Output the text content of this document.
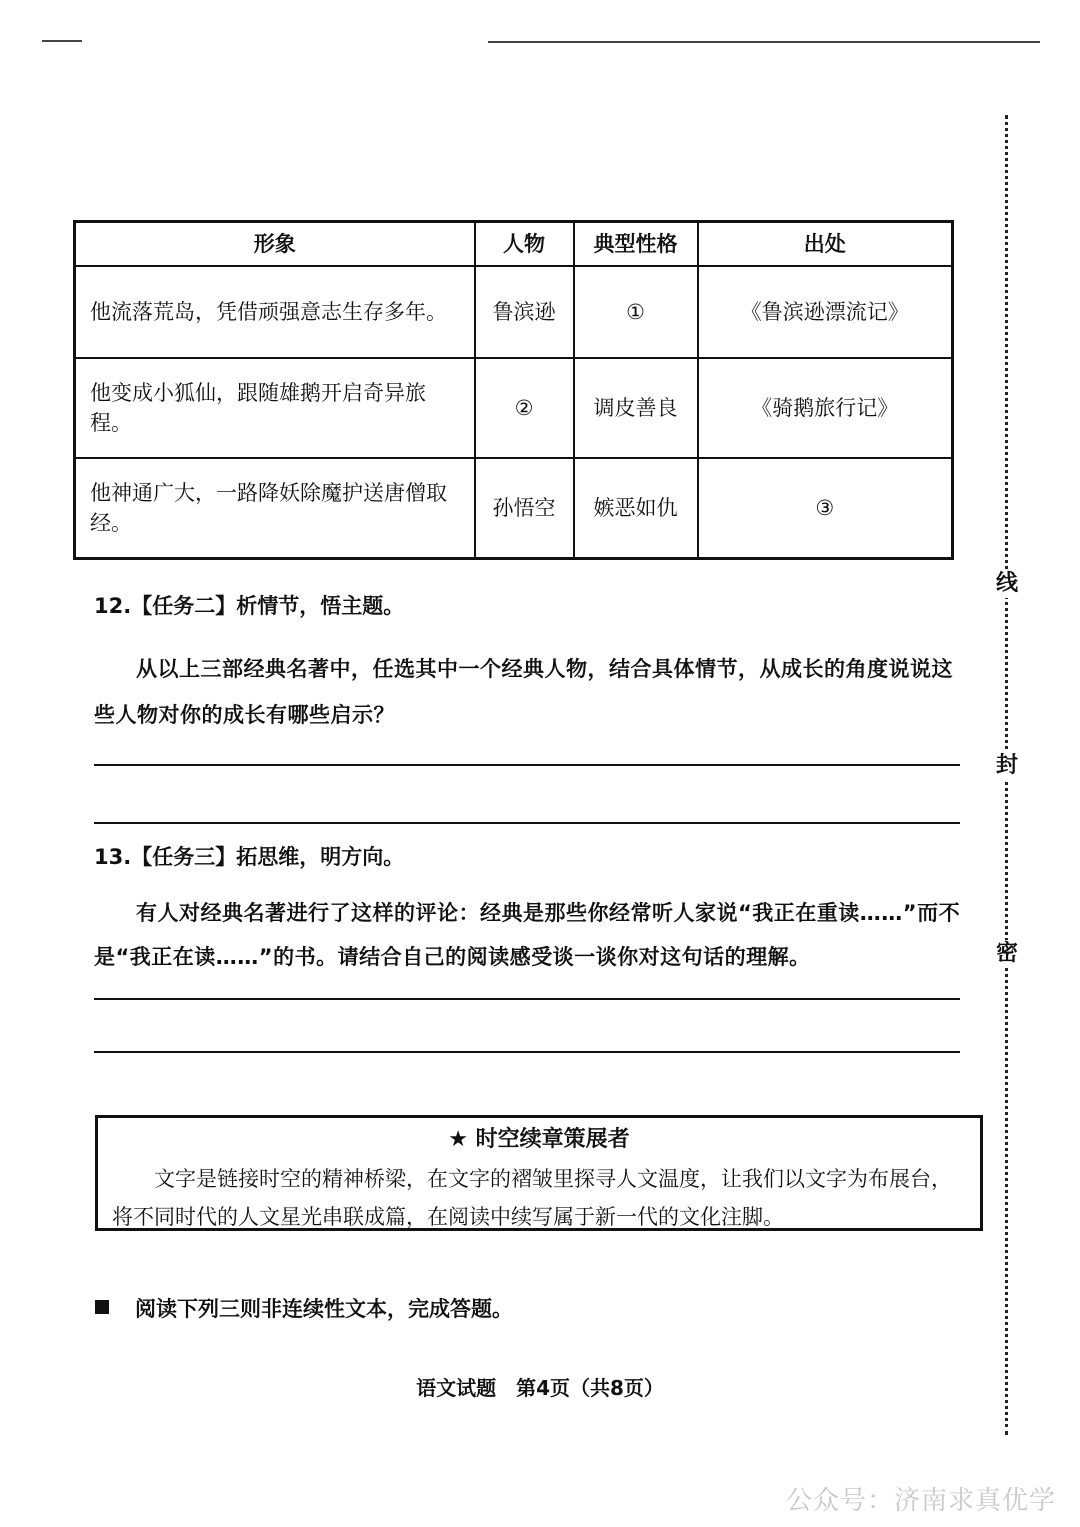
线
封
密
形象	人物	典型性格	出处
他流落荒岛，凭借顽强意志生存多年。	鲁滨逊	①	《鲁滨逊漂流记》
他变成小狐仙，跟随雄鹅开启奇异旅程。	②	调皮善良	《骑鹅旅行记》
他神通广大，一路降妖除魔护送唐僧取经。	孙悟空	嫉恶如仇	③
12.【任务二】析情节，悟主题。
从以上三部经典名著中，任选其中一个经典人物，结合具体情节，从成长的角度说说这些人物对你的成长有哪些启示？
13.【任务三】拓思维，明方向。
有人对经典名著进行了这样的评论：经典是那些你经常听人家说“我正在重读……”而不是“我正在读……”的书。请结合自己的阅读感受谈一谈你对这句话的理解。
★ 时空续章策展者
文字是链接时空的精神桥梁，在文字的褶皱里探寻人文温度，让我们以文字为布展台，将不同时代的人文星光串联成篇，在阅读中续写属于新一代的文化注脚。
阅读下列三则非连续性文本，完成答题。
语文试题　第4页（共8页）
公众号：济南求真优学
